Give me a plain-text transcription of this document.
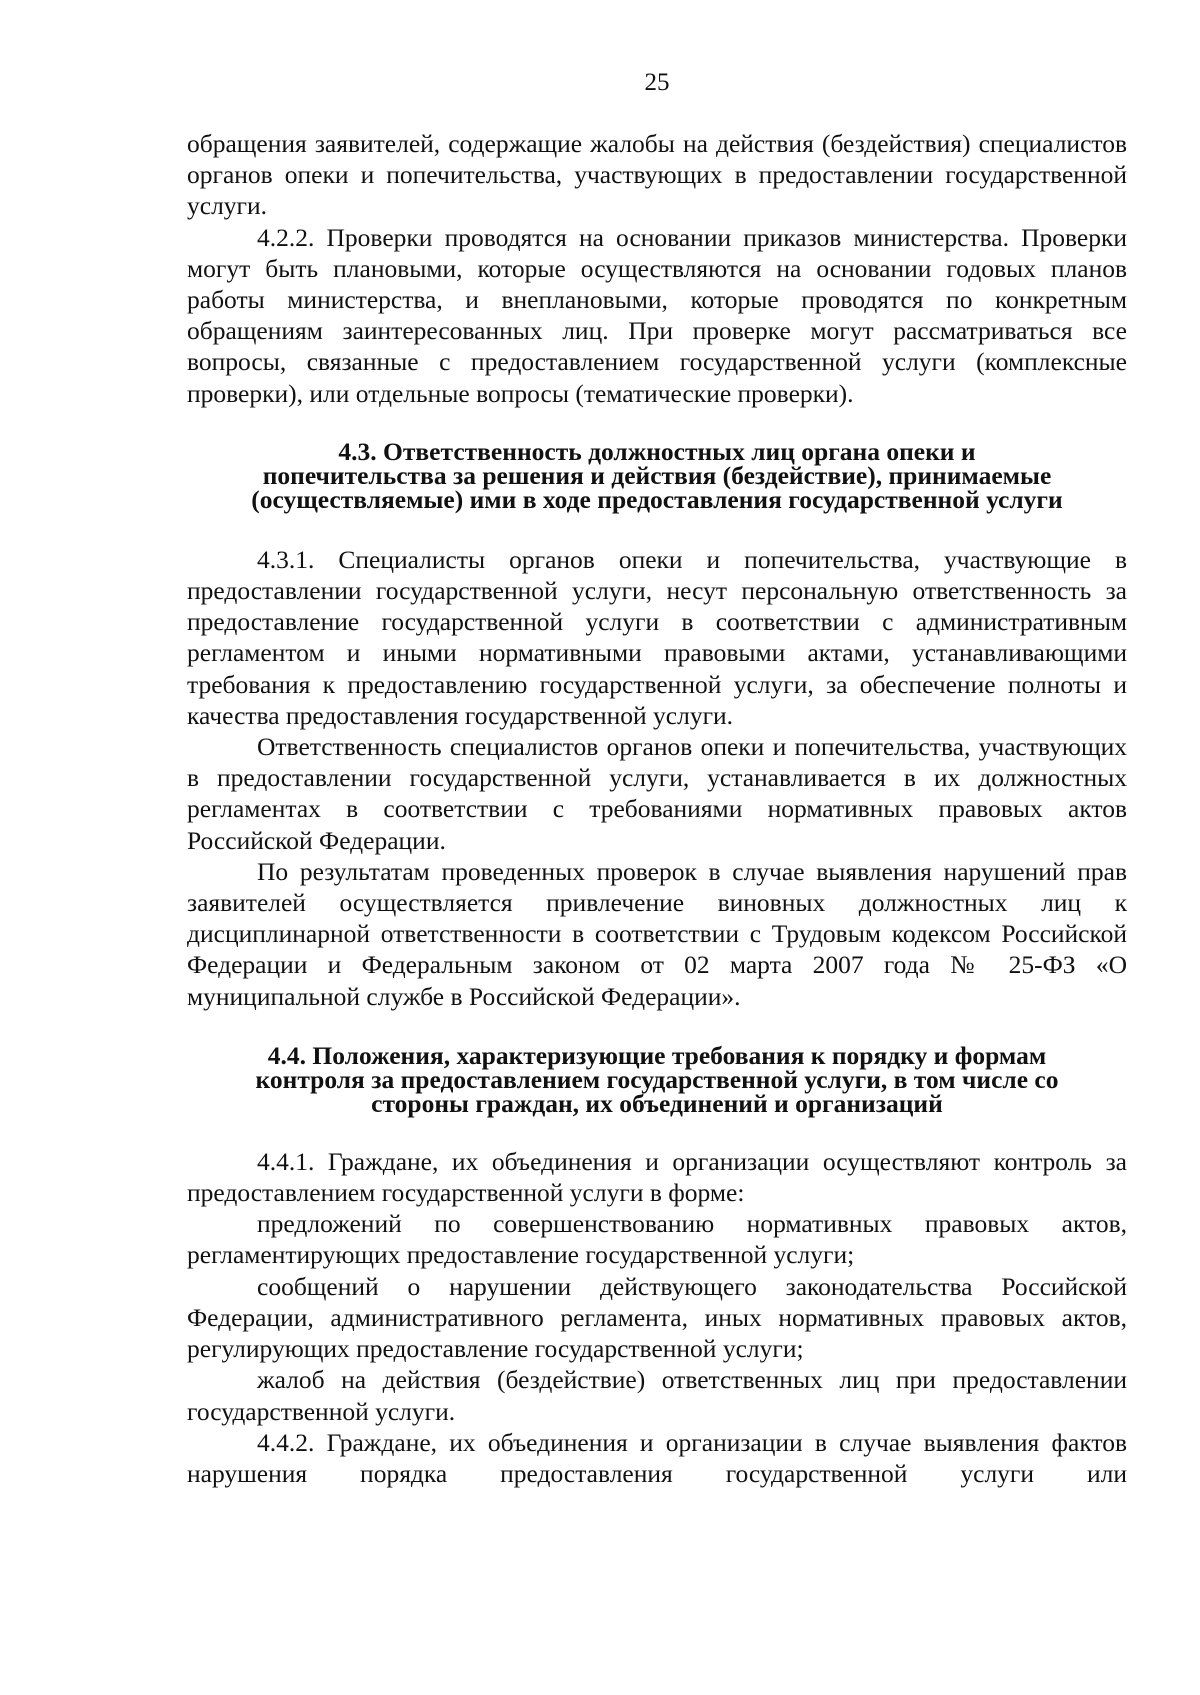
25

обращения заявителей, содержащие жалобы на действия (бездействия) специалистов органов опеки и попечительства, участвующих в предоставлении государственной услуги.

4.2.2. Проверки проводятся на основании приказов министерства. Проверки могут быть плановыми, которые осуществляются на основании годовых планов работы министерства, и внеплановыми, которые проводятся по конкретным обращениям заинтересованных лиц. При проверке могут рассматриваться все вопросы, связанные с предоставлением государственной услуги (комплексные проверки), или отдельные вопросы (тематические проверки).

4.3. Ответственность должностных лиц органа опеки и
попечительства за решения и действия (бездействие), принимаемые
(осуществляемые) ими в ходе предоставления государственной услуги

4.3.1. Специалисты органов опеки и попечительства, участвующие в предоставлении государственной услуги, несут персональную ответственность за предоставление государственной услуги в соответствии с административным регламентом и иными нормативными правовыми актами, устанавливающими требования к предоставлению государственной услуги, за обеспечение полноты и качества предоставления государственной услуги.

Ответственность специалистов органов опеки и попечительства, участвующих в предоставлении государственной услуги, устанавливается в их должностных регламентах в соответствии с требованиями нормативных правовых актов Российской Федерации.

По результатам проведенных проверок в случае выявления нарушений прав заявителей осуществляется привлечение виновных должностных лиц к дисциплинарной ответственности в соответствии с Трудовым кодексом Российской Федерации и Федеральным законом от 02 марта 2007 года № 25-ФЗ «О муниципальной службе в Российской Федерации».

4.4. Положения, характеризующие требования к порядку и формам
контроля за предоставлением государственной услуги, в том числе со
стороны граждан, их объединений и организаций

4.4.1. Граждане, их объединения и организации осуществляют контроль за предоставлением государственной услуги в форме:

предложений по совершенствованию нормативных правовых актов, регламентирующих предоставление государственной услуги;

сообщений о нарушении действующего законодательства Российской Федерации, административного регламента, иных нормативных правовых актов, регулирующих предоставление государственной услуги;

жалоб на действия (бездействие) ответственных лиц при предоставлении государственной услуги.

4.4.2. Граждане, их объединения и организации в случае выявления фактов нарушения порядка предоставления государственной услуги или
